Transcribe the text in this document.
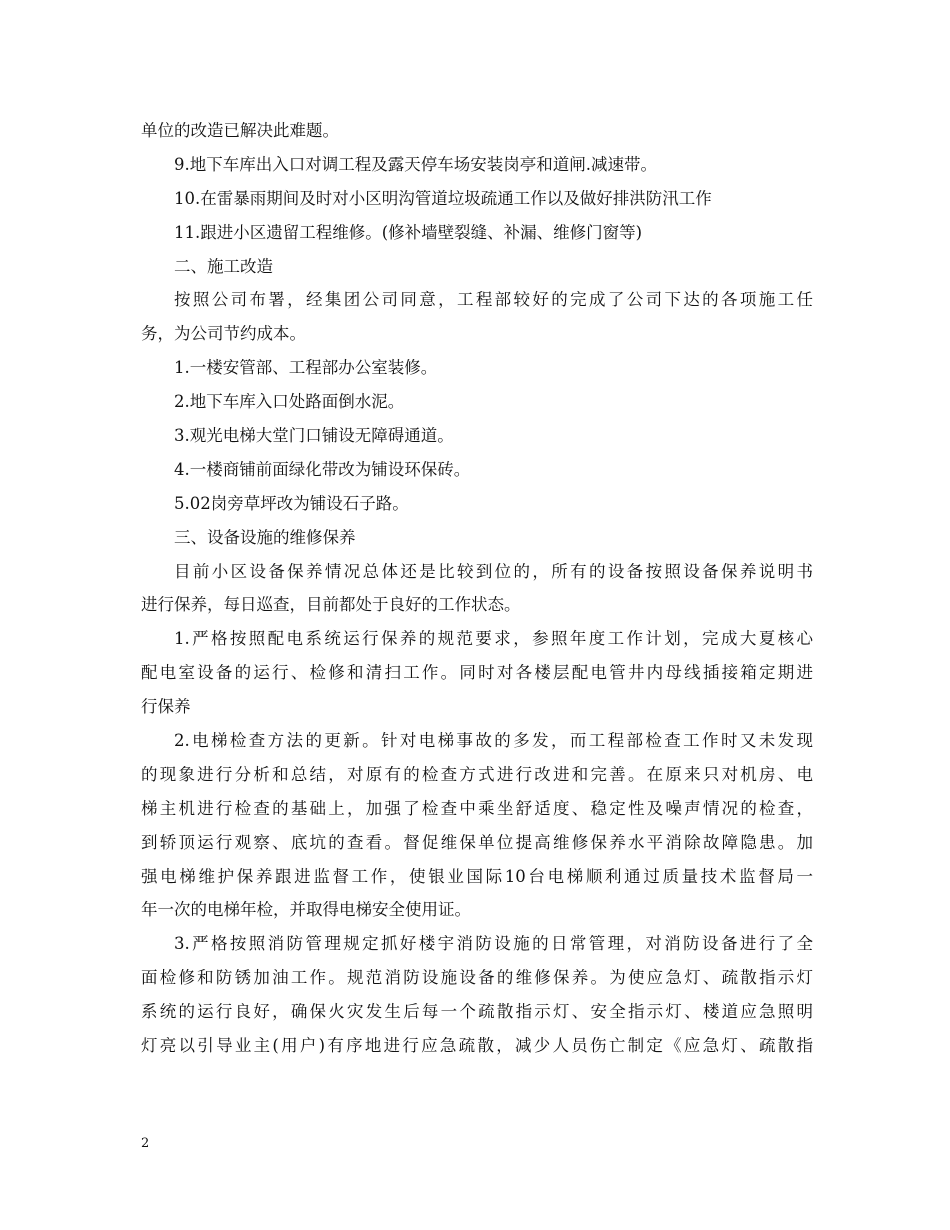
单位的改造已解决此难题。
9.地下车库出入口对调工程及露天停车场安装岗亭和道闸.减速带。
10.在雷暴雨期间及时对小区明沟管道垃圾疏通工作以及做好排洪防汛工作
11.跟进小区遗留工程维修。(修补墙壁裂缝、补漏、维修门窗等)
二、施工改造
按照公司布署，经集团公司同意，工程部较好的完成了公司下达的各项施工任
务，为公司节约成本。
1.一楼安管部、工程部办公室装修。
2.地下车库入口处路面倒水泥。
3.观光电梯大堂门口铺设无障碍通道。
4.一楼商铺前面绿化带改为铺设环保砖。
5.02岗旁草坪改为铺设石子路。
三、设备设施的维修保养
目前小区设备保养情况总体还是比较到位的，所有的设备按照设备保养说明书
进行保养，每日巡查，目前都处于良好的工作状态。
1.严格按照配电系统运行保养的规范要求，参照年度工作计划，完成大夏核心
配电室设备的运行、检修和清扫工作。同时对各楼层配电管井内母线插接箱定期进
行保养
2.电梯检查方法的更新。针对电梯事故的多发，而工程部检查工作时又未发现
的现象进行分析和总结，对原有的检查方式进行改进和完善。在原来只对机房、电
梯主机进行检查的基础上，加强了检查中乘坐舒适度、稳定性及噪声情况的检查，
到轿顶运行观察、底坑的查看。督促维保单位提高维修保养水平消除故障隐患。加
强电梯维护保养跟进监督工作，使银业国际10台电梯顺利通过质量技术监督局一
年一次的电梯年检，并取得电梯安全使用证。
3.严格按照消防管理规定抓好楼宇消防设施的日常管理，对消防设备进行了全
面检修和防锈加油工作。规范消防设施设备的维修保养。为使应急灯、疏散指示灯
系统的运行良好，确保火灾发生后每一个疏散指示灯、安全指示灯、楼道应急照明
灯亮以引导业主(用户)有序地进行应急疏散，减少人员伤亡制定《应急灯、疏散指
2
